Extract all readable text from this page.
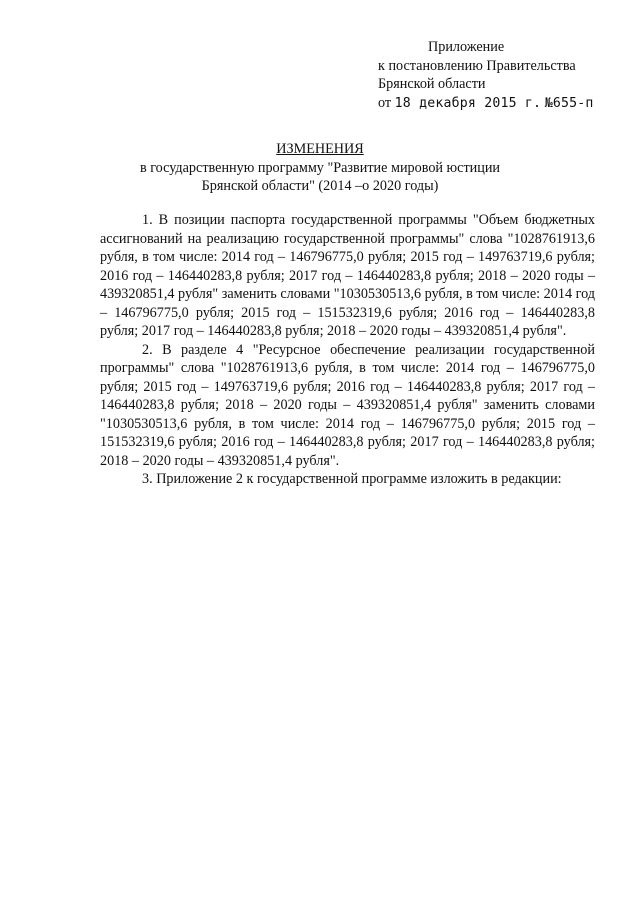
Приложение
к постановлению Правительства
Брянской области
от 18 декабря 2015 г. №655-п
ИЗМЕНЕНИЯ
в государственную программу "Развитие мировой юстиции
Брянской области" (2014 –о 2020 годы)

1. В позиции паспорта государственной программы "Объем бюджетных ассигнований на реализацию государственной программы" слова "1028761913,6 рубля, в том числе: 2014 год – 146796775,0 рубля; 2015 год – 149763719,6 рубля; 2016 год – 146440283,8 рубля; 2017 год – 146440283,8 рубля; 2018 – 2020 годы – 439320851,4 рубля" заменить словами "1030530513,6 рубля, в том числе: 2014 год – 146796775,0 рубля; 2015 год – 151532319,6 рубля; 2016 год – 146440283,8 рубля; 2017 год – 146440283,8 рубля; 2018 – 2020 годы – 439320851,4 рубля".

2. В разделе 4 "Ресурсное обеспечение реализации государственной программы" слова "1028761913,6 рубля, в том числе: 2014 год – 146796775,0 рубля; 2015 год – 149763719,6 рубля; 2016 год – 146440283,8 рубля; 2017 год – 146440283,8 рубля; 2018 – 2020 годы – 439320851,4 рубля" заменить словами "1030530513,6 рубля, в том числе: 2014 год – 146796775,0 рубля; 2015 год – 151532319,6 рубля; 2016 год – 146440283,8 рубля; 2017 год – 146440283,8 рубля; 2018 – 2020 годы – 439320851,4 рубля".

3. Приложение 2 к государственной программе изложить в редакции:
